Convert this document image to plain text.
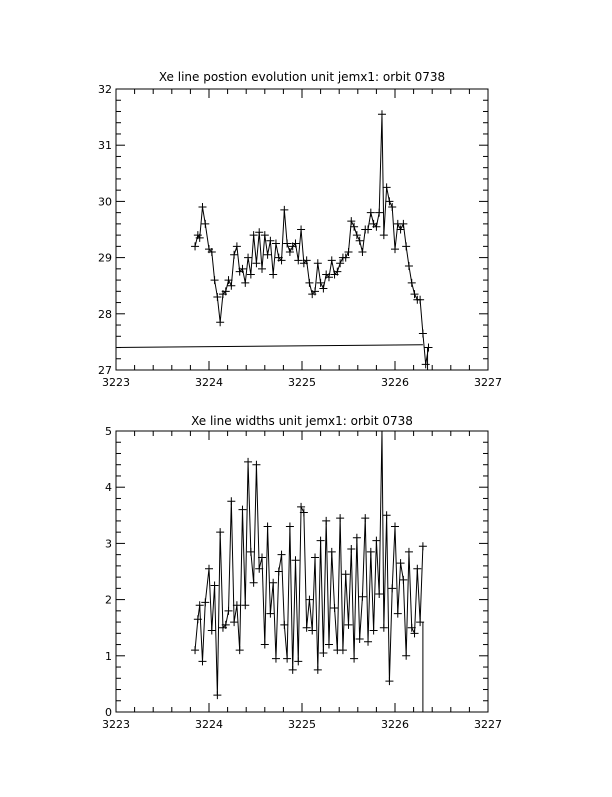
Xe line postion evolution unit jemx1: orbit 0738
3223	3224	3225	3226	3227
27
28
29
30
31
32
Xe line widths unit jemx1: orbit 0738
3223	3224	3225	3226	3227
0
1
2
3
4
5
